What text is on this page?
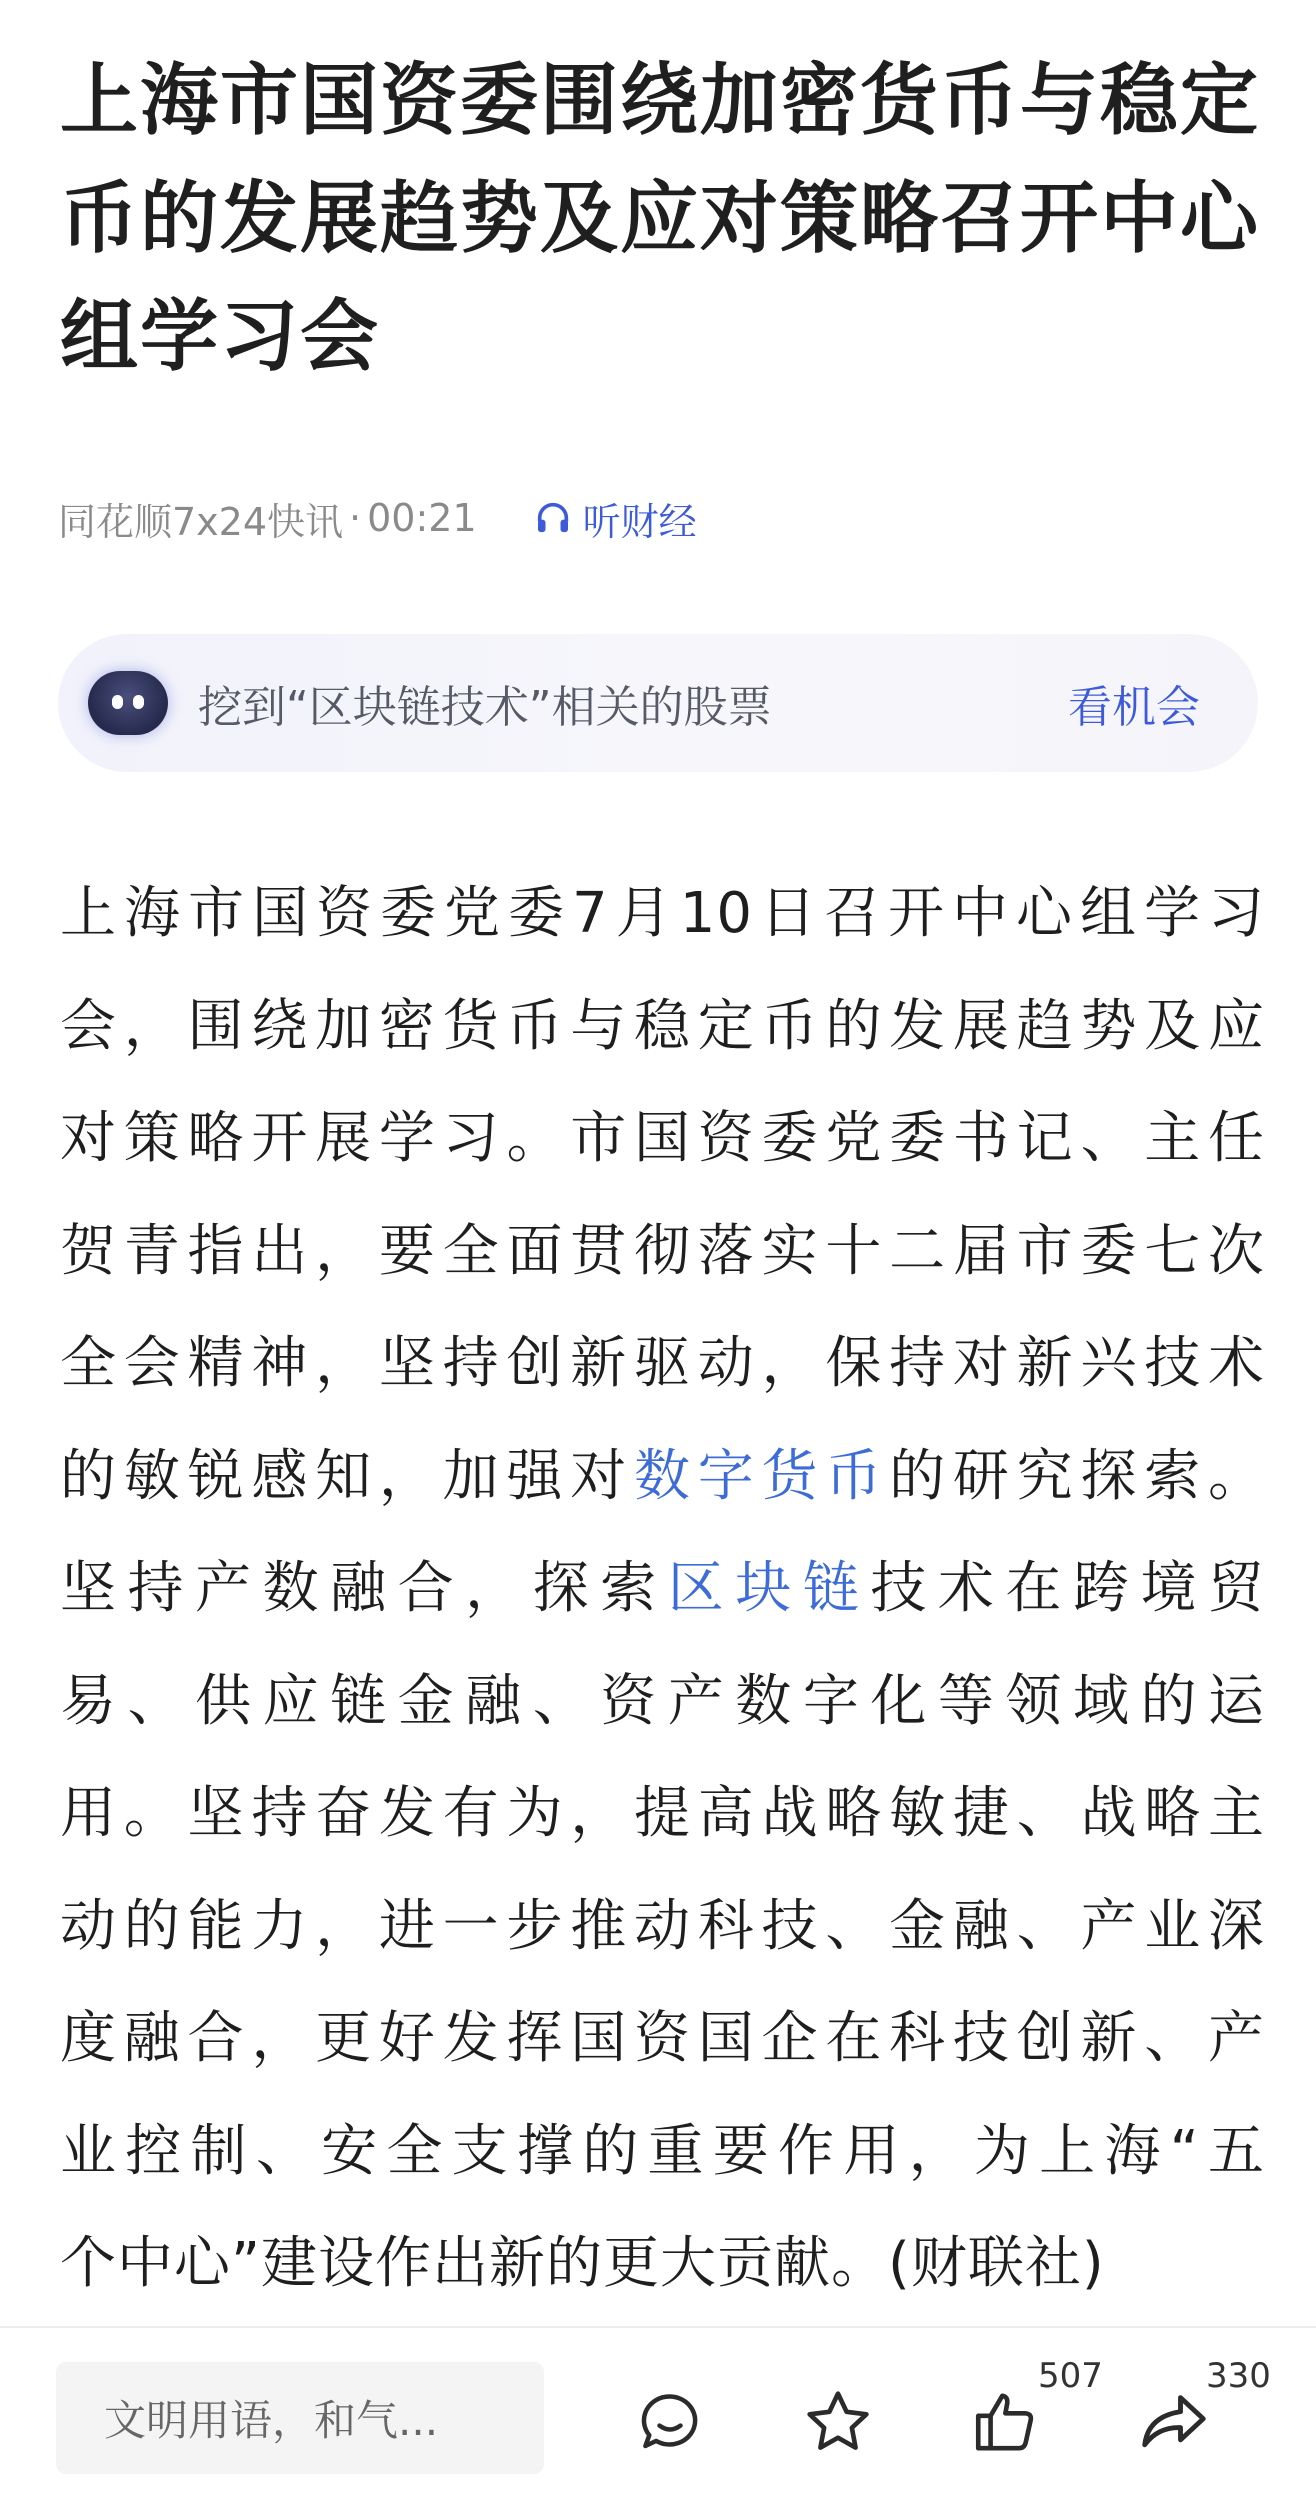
上海市国资委围绕加密货币与稳定币的发展趋势及应对策略召开中心组学习会
同花顺7x24快讯 · 00:21	听财经
挖到“区块链技术”相关的股票	看机会
上海市国资委党委7月10日召开中心组学习
会，围绕加密货币与稳定币的发展趋势及应
对策略开展学习。市国资委党委书记、主任
贺青指出，要全面贯彻落实十二届市委七次
全会精神，坚持创新驱动，保持对新兴技术
的敏锐感知，加强对数字货币的研究探索。
坚持产数融合，探索区块链技术在跨境贸
易、供应链金融、资产数字化等领域的运
用。坚持奋发有为，提高战略敏捷、战略主
动的能力，进一步推动科技、金融、产业深
度融合，更好发挥国资国企在科技创新、产
业控制、安全支撑的重要作用，为上海“五
个中心”建设作出新的更大贡献。(财联社)
文明用语，和气...
507	330
